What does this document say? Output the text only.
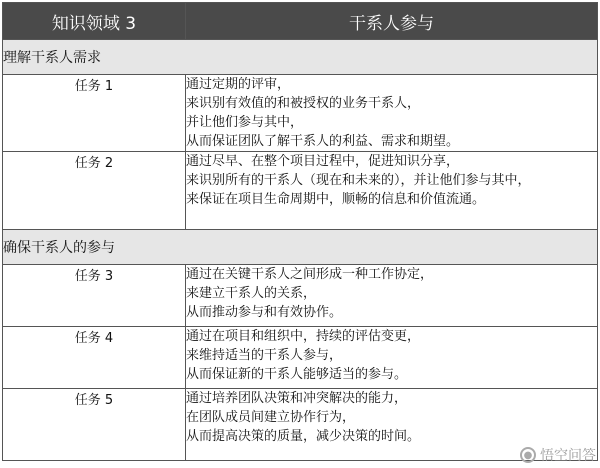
知识领域 3	干系人参与
理解干系人需求	
任务 1	通过定期的评审，
来识别有效值的和被授权的业务干系人，
并让他们参与其中，
从而保证团队了解干系人的利益、需求和期望。

任务 2	通过尽早、在整个项目过程中，促进知识分享，
来识别所有的干系人（现在和未来的），并让他们参与其中，
来保证在项目生命周期中，顺畅的信息和价值流通。

确保干系人的参与	
任务 3	通过在关键干系人之间形成一种工作协定，
来建立干系人的关系，
从而推动参与和有效协作。

任务 4	通过在项目和组织中，持续的评估变更，
来维持适当的干系人参与，
从而保证新的干系人能够适当的参与。

任务 5	通过培养团队决策和冲突解决的能力，
在团队成员间建立协作行为，
从而提高决策的质量，减少决策的时间。
● 悟空问答
